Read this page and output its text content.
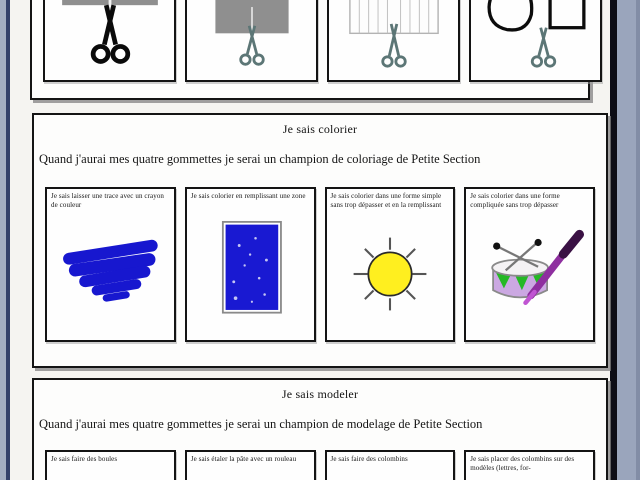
Je sais colorier
Quand j'aurai mes quatre gommettes je serai un champion de coloriage de Petite Section
Je sais laisser une trace avec un crayon de couleur
Je sais colorier en remplissant une zone	Je sais colorier dans une forme simple sans trop dépasser et en la remplissant
Je sais colorier dans une forme compliquée sans trop dépasser
Je sais modeler
Quand j'aurai mes quatre gommettes je serai un champion de modelage de Petite Section
Je sais faire des boules	Je sais étaler la pâte avec un rouleau	Je sais faire des colombins	Je sais placer des colombins sur des modèles (lettres, for-
